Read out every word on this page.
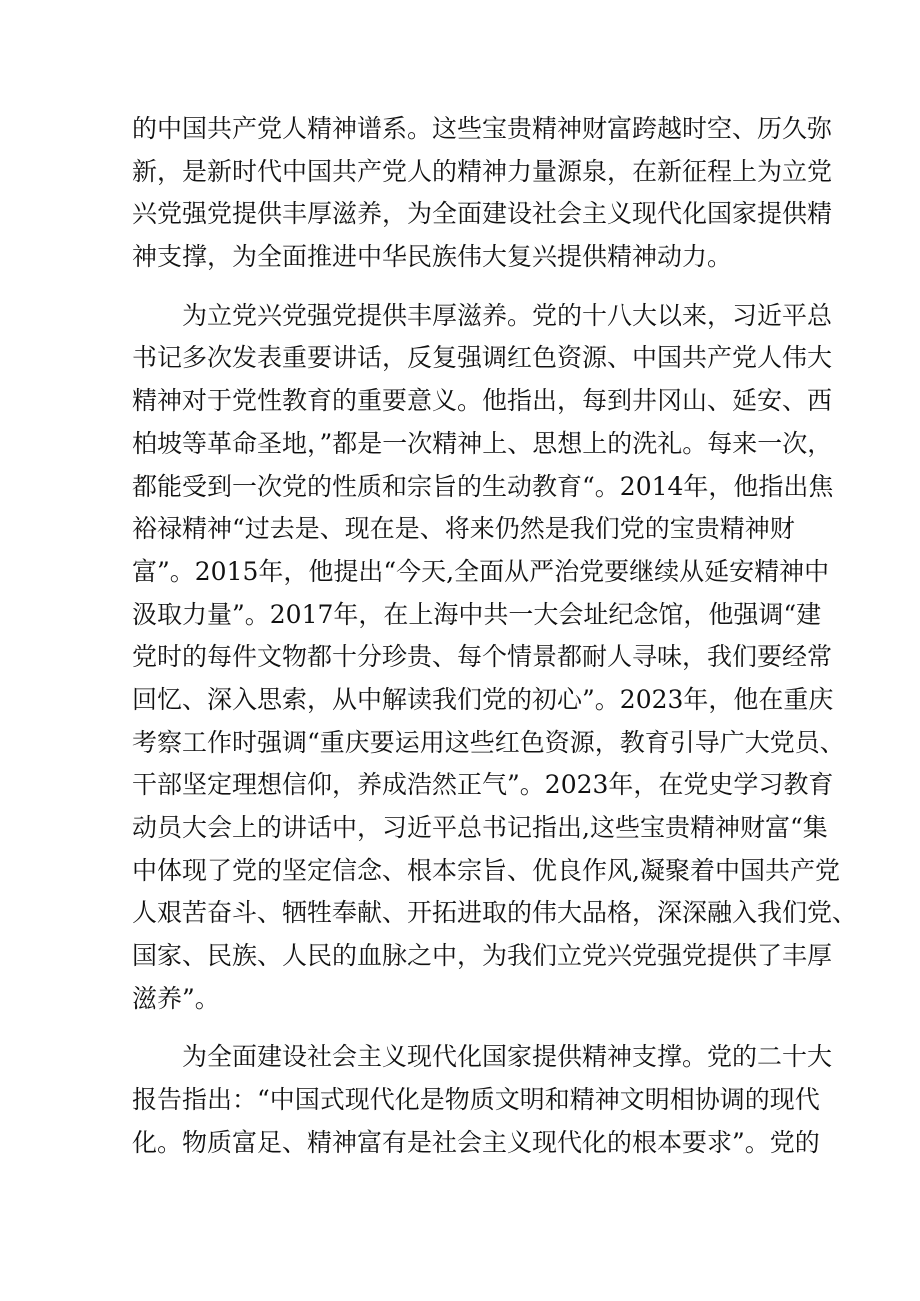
的中国共产党人精神谱系。这些宝贵精神财富跨越时空、历久弥
新，是新时代中国共产党人的精神力量源泉，在新征程上为立党
兴党强党提供丰厚滋养，为全面建设社会主义现代化国家提供精
神支撑，为全面推进中华民族伟大复兴提供精神动力。
为立党兴党强党提供丰厚滋养。党的十八大以来，习近平总
书记多次发表重要讲话，反复强调红色资源、中国共产党人伟大
精神对于党性教育的重要意义。他指出，每到井冈山、延安、西
柏坡等革命圣地，”都是一次精神上、思想上的洗礼。每来一次，
都能受到一次党的性质和宗旨的生动教育“。2014年，他指出焦
裕禄精神“过去是、现在是、将来仍然是我们党的宝贵精神财
富”。2015年，他提出“今天,全面从严治党要继续从延安精神中
汲取力量”。2017年，在上海中共一大会址纪念馆，他强调“建
党时的每件文物都十分珍贵、每个情景都耐人寻味，我们要经常
回忆、深入思索，从中解读我们党的初心”。2023年，他在重庆
考察工作时强调“重庆要运用这些红色资源，教育引导广大党员、
干部坚定理想信仰，养成浩然正气”。2023年，在党史学习教育
动员大会上的讲话中，习近平总书记指出,这些宝贵精神财富“集
中体现了党的坚定信念、根本宗旨、优良作风,凝聚着中国共产党
人艰苦奋斗、牺牲奉献、开拓进取的伟大品格，深深融入我们党、
国家、民族、人民的血脉之中，为我们立党兴党强党提供了丰厚
滋养”。
为全面建设社会主义现代化国家提供精神支撑。党的二十大
报告指出：“中国式现代化是物质文明和精神文明相协调的现代
化。物质富足、精神富有是社会主义现代化的根本要求”。党的
